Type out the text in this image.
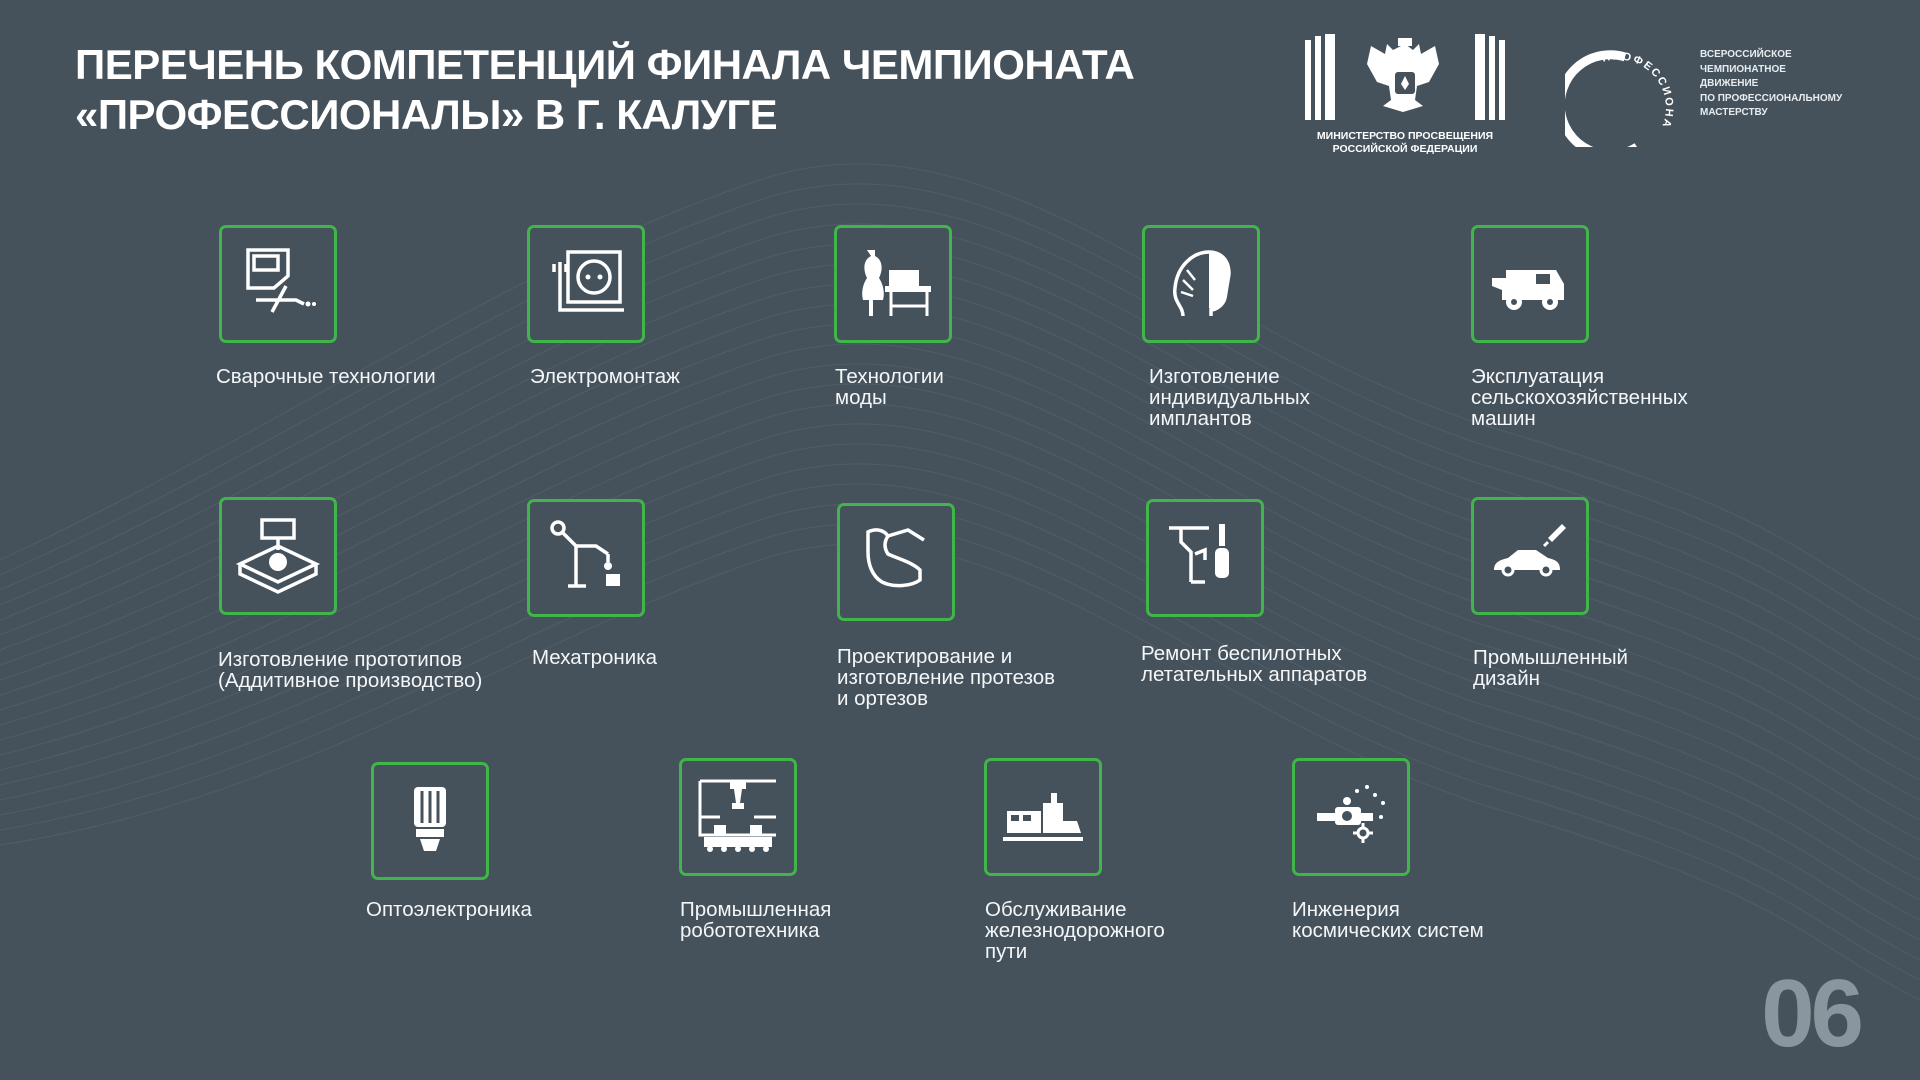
ПЕРЕЧЕНЬ КОМПЕТЕНЦИЙ ФИНАЛА ЧЕМПИОНАТА
«ПРОФЕССИОНАЛЫ» В Г. КАЛУГЕ	МИНИСТЕРСТВО ПРОСВЕЩЕНИЯ
РОССИЙСКОЙ ФЕДЕРАЦИИ
ПРОФЕССИОНА
ВСЕРОССИЙСКОЕ
ЧЕМПИОНАТНОЕ
ДВИЖЕНИЕ
ПО ПРОФЕССИОНАЛЬНОМУ
МАСТЕРСТВУ
Сварочные технологии	Электромонтаж	Технологии
моды
Изготовление
индивидуальных
имплантов
Эксплуатация
сельскохозяйственных
машин
Изготовление прототипов
(Аддитивное производство)
Мехатроника	Проектирование и
изготовление протезов
и ортезов
Ремонт беспилотных
летательных аппаратов
Промышленный
дизайн
Оптоэлектроника	Промышленная
робототехника
Обслуживание
железнодорожного
пути
Инженерия
космических систем
06
